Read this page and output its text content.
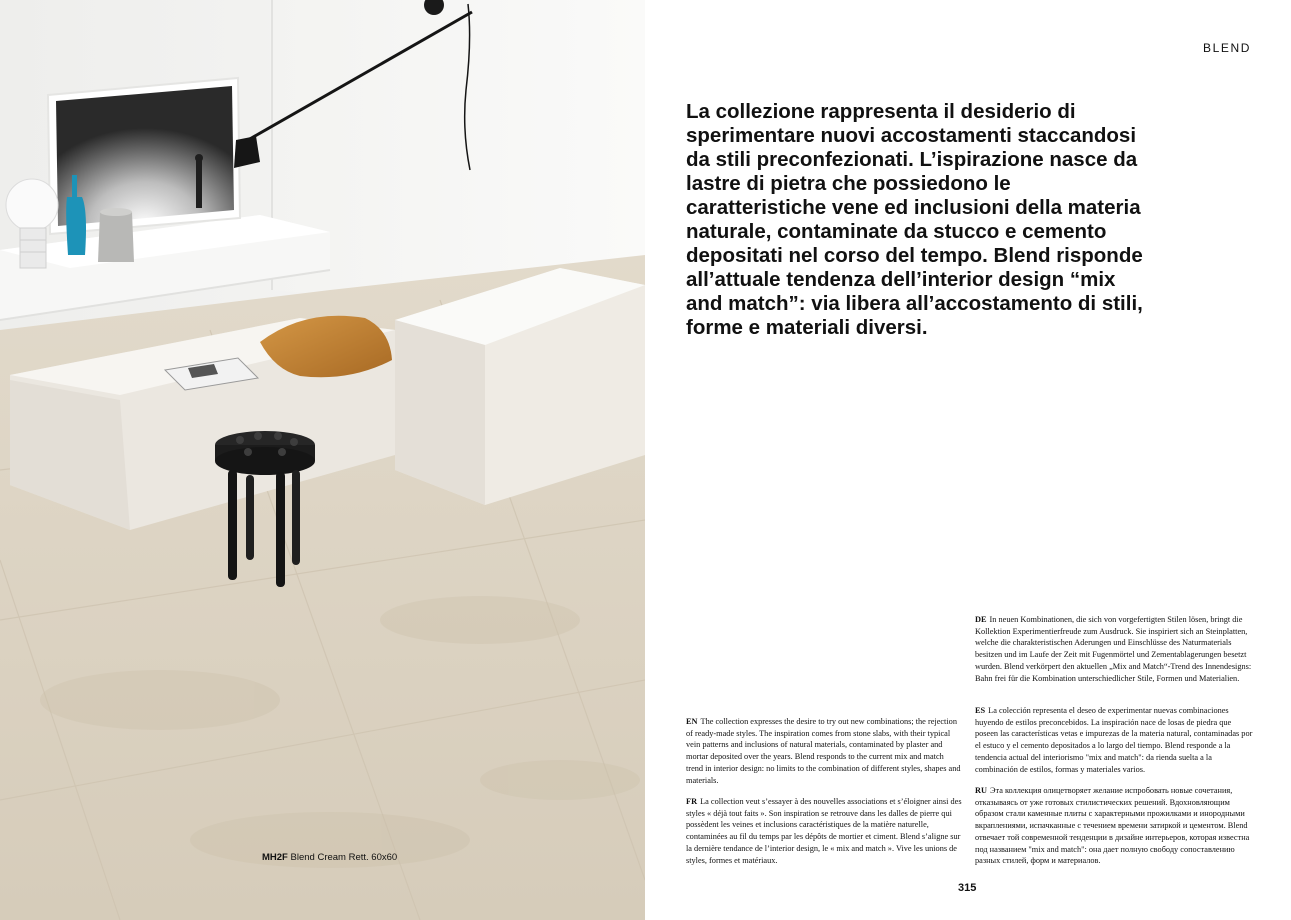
MH2F Blend Cream Rett. 60x60
BLEND

La collezione rappresenta il desiderio di sperimentare nuovi accostamenti staccandosi da stili preconfezionati. L’ispirazione nasce da lastre di pietra che possiedono le caratteristiche vene ed inclusioni della materia naturale, contaminate da stucco e cemento depositati nel corso del tempo. Blend risponde all’attuale tendenza dell’interior design “mix and match”: via libera all’accostamento di stili, forme e materiali diversi.

EN The collection expresses the desire to try out new combinations; the rejection of ready-made styles. The inspiration comes from stone slabs, with their typical vein patterns and inclusions of natural materials, contaminated by plaster and mortar deposited over the years. Blend responds to the current mix and match trend in interior design: no limits to the combination of different styles, shapes and materials.

FR La collection veut s’essayer à des nouvelles associations et s’éloigner ainsi des styles « déjà tout faits ». Son inspiration se retrouve dans les dalles de pierre qui possèdent les veines et inclusions caractéristiques de la matière naturelle, contaminées au fil du temps par les dépôts de mortier et ciment. Blend s’aligne sur la dernière tendance de l’interior design, le « mix and match ». Vive les unions de styles, formes et matériaux.

DE In neuen Kombinationen, die sich von vorgefertigten Stilen lösen, bringt die Kollektion Experimentierfreude zum Ausdruck. Sie inspiriert sich an Steinplatten, welche die charakteristischen Aderungen und Einschlüsse des Naturmaterials besitzen und im Laufe der Zeit mit Fugenmörtel und Zementablagerungen besetzt wurden. Blend verkörpert den aktuellen „Mix and Match“-Trend des Innendesigns: Bahn frei für die Kombination unterschiedlicher Stile, Formen und Materialien.

ES La colección representa el deseo de experimentar nuevas combinaciones huyendo de estilos preconcebidos. La inspiración nace de losas de piedra que poseen las características vetas e impurezas de la materia natural, contaminadas por el estuco y el cemento depositados a lo largo del tiempo. Blend responde a la tendencia actual del interiorismo "mix and match": da rienda suelta a la combinación de estilos, formas y materiales varios.

RU Эта коллекция олицетворяет желание испробовать новые сочетания, отказываясь от уже готовых стилистических решений. Вдохновляющим образом стали каменные плиты с характерными прожилками и инородными вкраплениями, испачканные с течением времени затиркой и цементом. Blend отвечает той современной тенденции в дизайне интерьеров, которая известна под названием "mix and match": она дает полную свободу сопоставлению разных стилей, форм и материалов.

315
